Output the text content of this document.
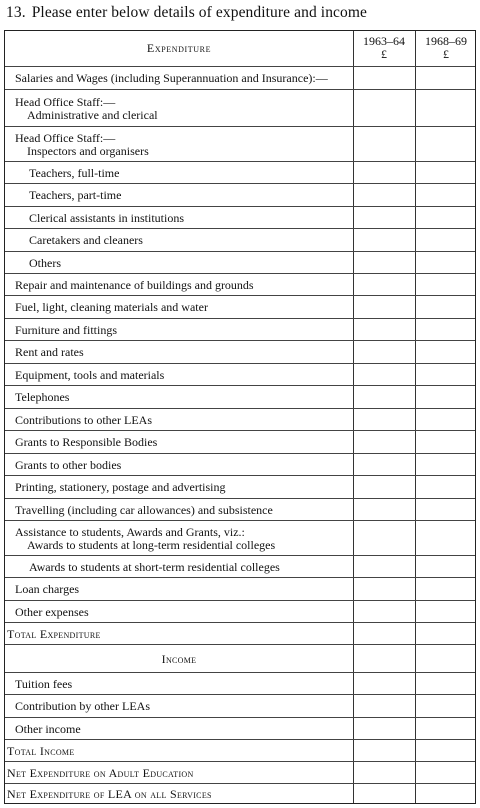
13. Please enter below details of expenditure and income
Expenditure	1963–64
£
1968–69
£
Salaries and Wages (including Superannuation and Insurance):—
Head Office Staff:—
Administrative and clerical
Head Office Staff:—
Inspectors and organisers
Teachers, full-time
Teachers, part-time
Clerical assistants in institutions
Caretakers and cleaners
Others
Repair and maintenance of buildings and grounds
Fuel, light, cleaning materials and water
Furniture and fittings
Rent and rates
Equipment, tools and materials
Telephones
Contributions to other LEAs
Grants to Responsible Bodies
Grants to other bodies
Printing, stationery, postage and advertising
Travelling (including car allowances) and subsistence
Assistance to students, Awards and Grants, viz.:
Awards to students at long-term residential colleges
Awards to students at short-term residential colleges
Loan charges
Other expenses
Total Expenditure
Income
Tuition fees
Contribution by other LEAs
Other income
Total Income
Net Expenditure on Adult Education
Net Expenditure of LEA on all Services
